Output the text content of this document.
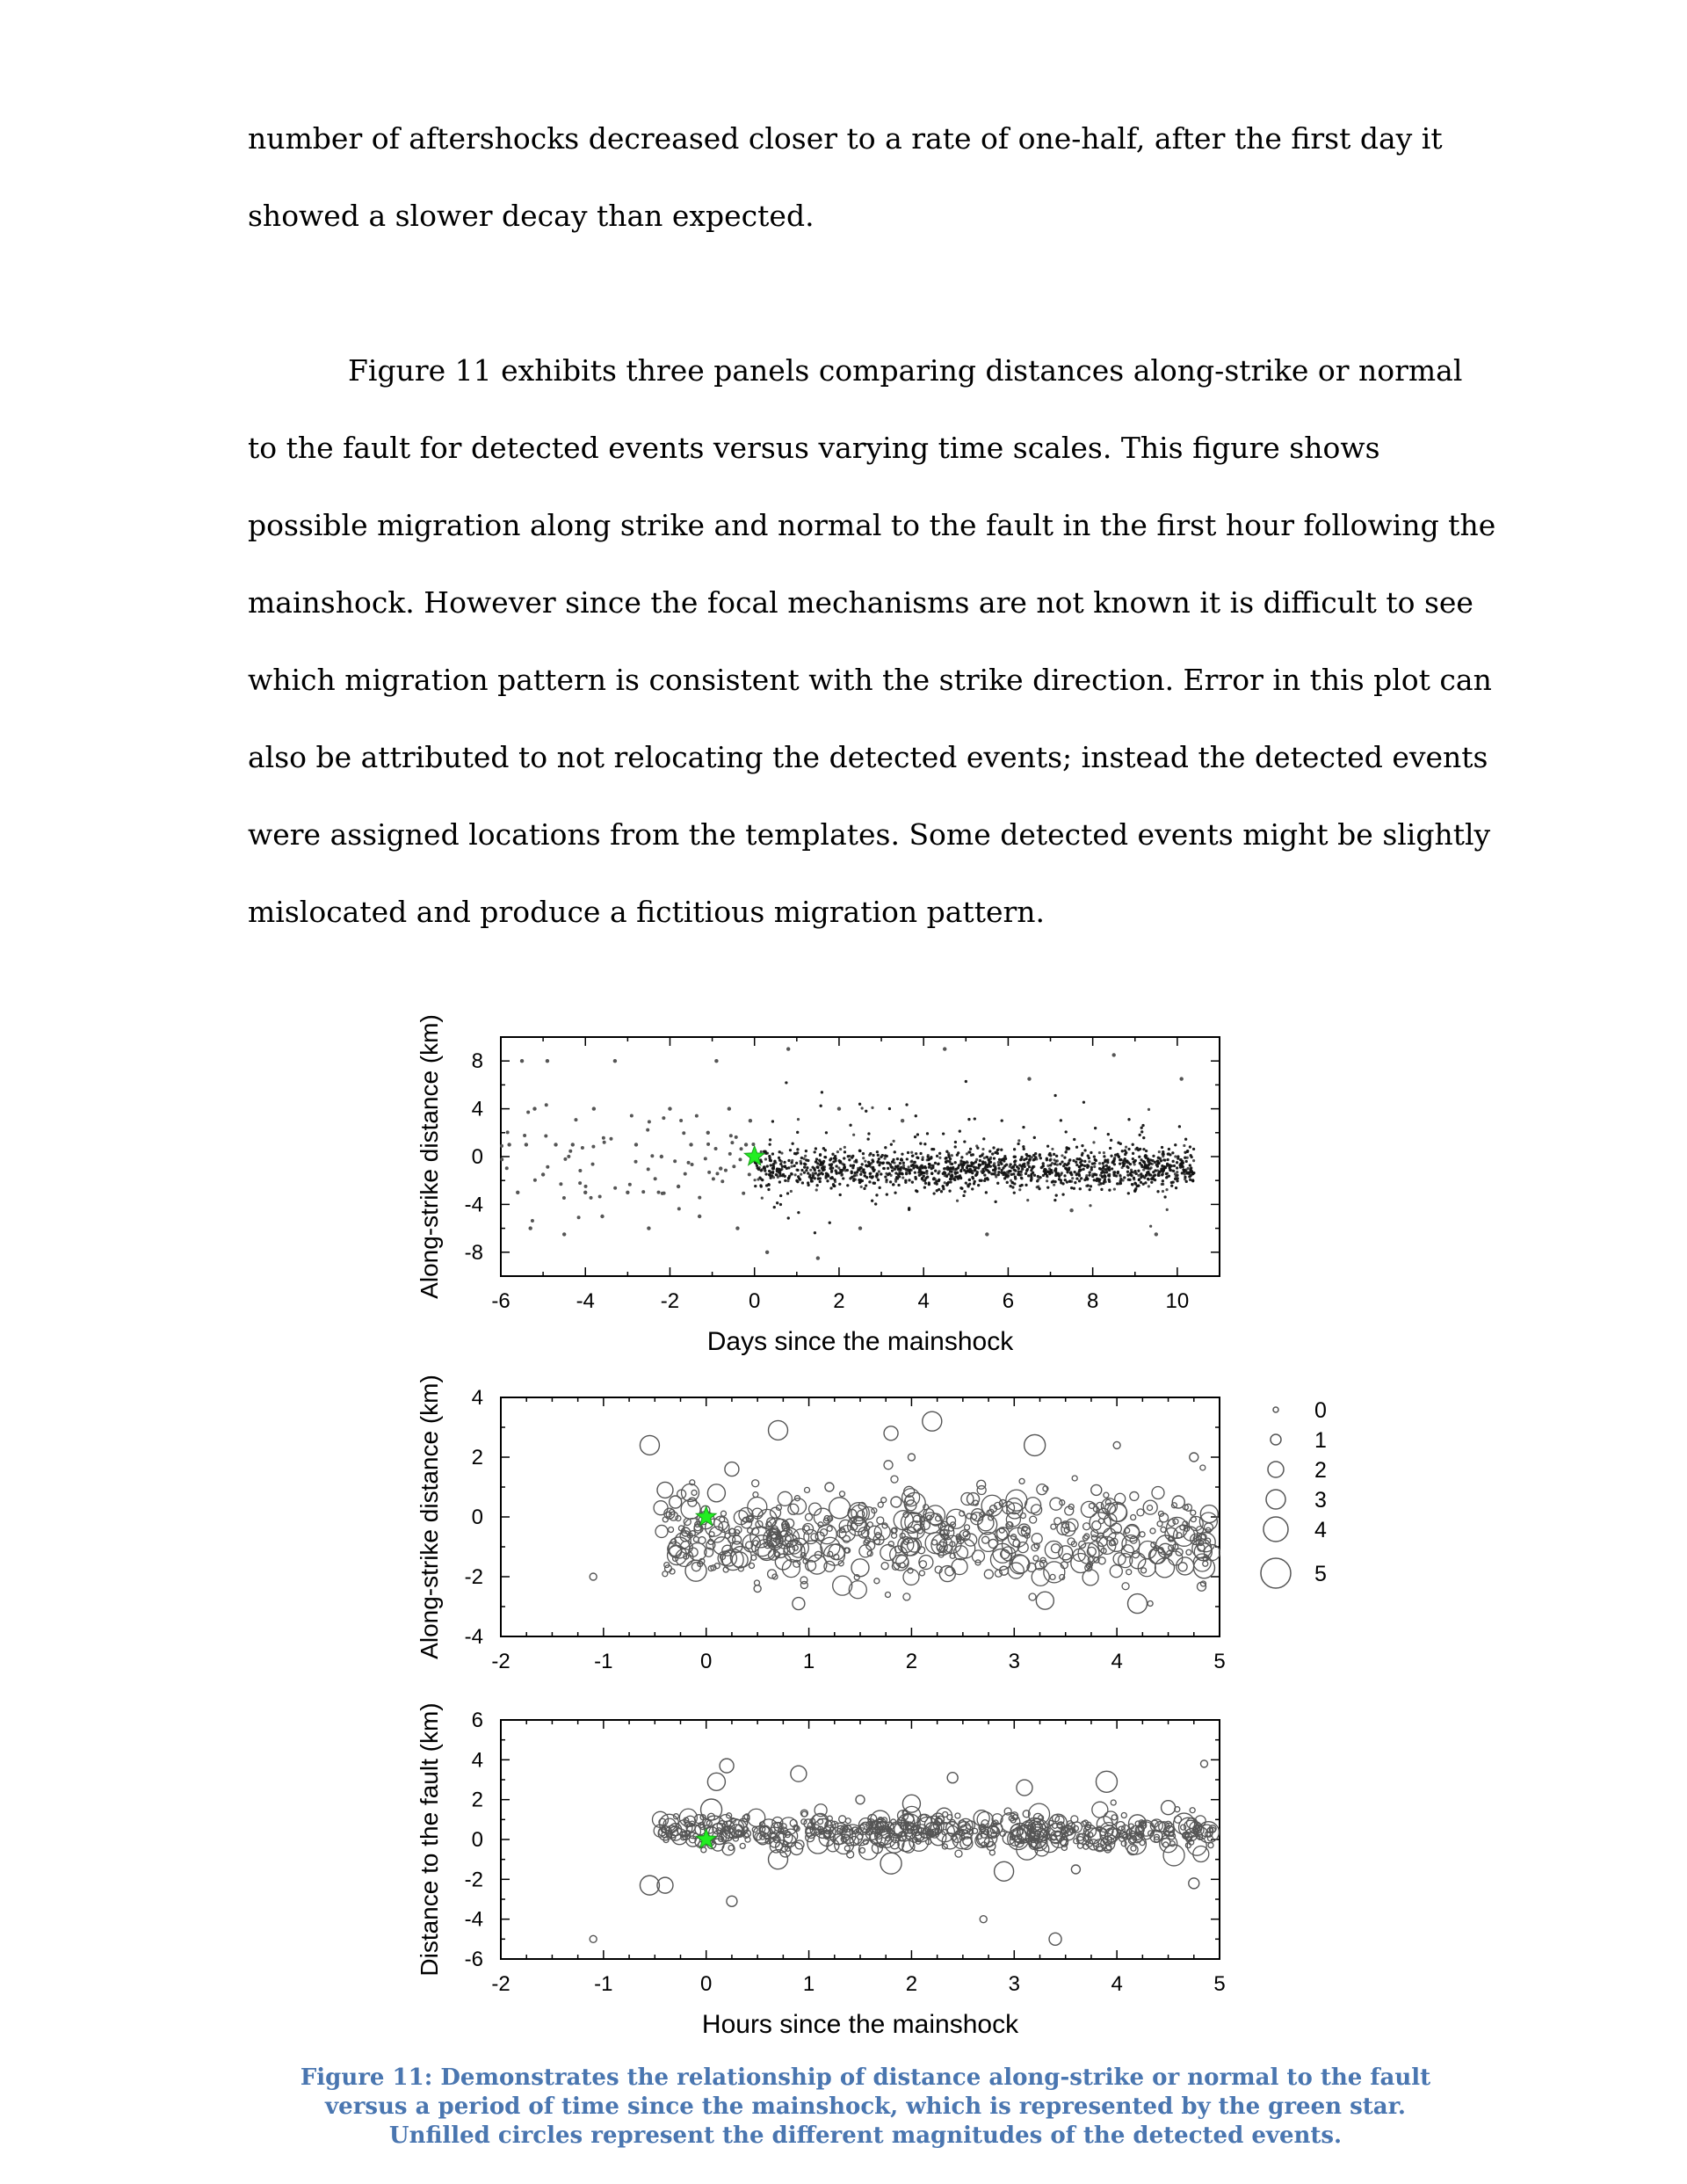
number of aftershocks decreased closer to a rate of one-half, after the first day it
showed a slower decay than expected.
Figure 11 exhibits three panels comparing distances along-strike or normal
to the fault for detected events versus varying time scales. This figure shows
possible migration along strike and normal to the fault in the first hour following the
mainshock. However since the focal mechanisms are not known it is difficult to see
which migration pattern is consistent with the strike direction. Error in this plot can
also be attributed to not relocating the detected events; instead the detected events
were assigned locations from the templates. Some detected events might be slightly
mislocated and produce a fictitious migration pattern.
-6	-4	-2	0	2	4	6	8	10
8
4
0
-4
-8
Along-strike distance (km)
Days since the mainshock
-2	-1	0	1	2	3	4	5
4
2
0
-2
-4
Along-strike distance (km)	0
1
2
3
4
5
-2	-1	0	1	2	3	4	5
6
4
2
0
-2
-4
-6
Distance to the fault (km)
Hours since the mainshock
Figure 11: Demonstrates the relationship of distance along-strike or normal to the fault
versus a period of time since the mainshock, which is represented by the green star.
Unfilled circles represent the different magnitudes of the detected events.
